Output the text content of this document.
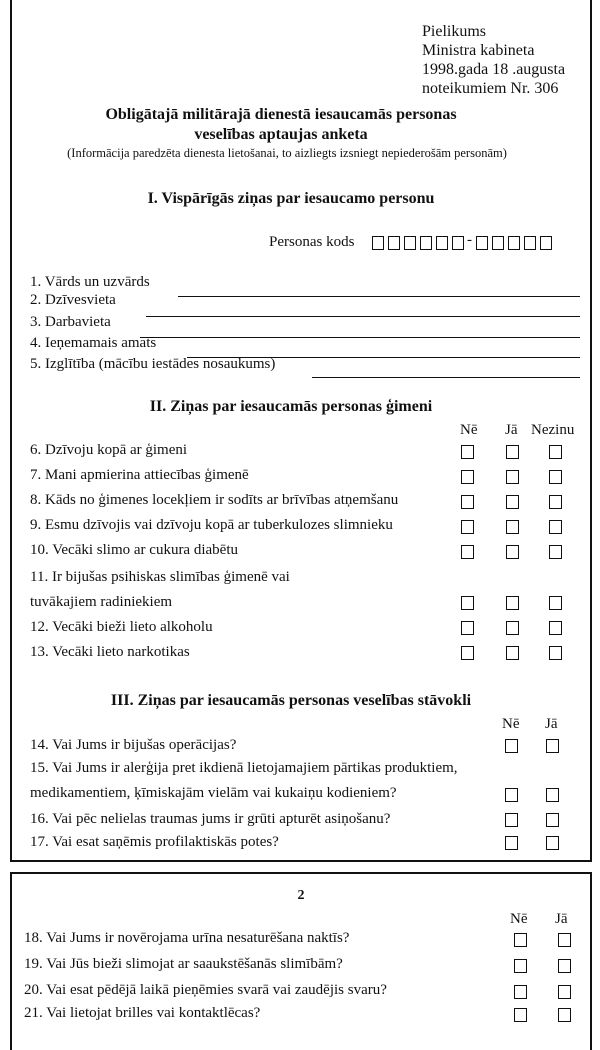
Pielikums
Ministra kabineta
1998.gada 18 .augusta
noteikumiem Nr. 306
Obligātajā militārajā dienestā iesaucamās personas
veselības aptaujas anketa
(Informācija paredzēta dienesta lietošanai, to aizliegts izsniegt nepiederošām personām)
I. Vispārīgās ziņas par iesaucamo personu
Personas kods	-
1. Vārds un uzvārds
2. Dzīvesvieta
3. Darbavieta
4. Ieņemamais amats
5. Izglītība (mācību iestādes nosaukums)
II. Ziņas par iesaucamās personas ģimeni
Nē Jā Nezinu
6. Dzīvoju kopā ar ģimeni
7. Mani apmierina attiecības ģimenē
8. Kāds no ģimenes locekļiem ir sodīts ar brīvības atņemšanu
9. Esmu dzīvojis vai dzīvoju kopā ar tuberkulozes slimnieku
10. Vecāki slimo ar cukura diabētu
11. Ir bijušas psihiskas slimības ģimenē vai
tuvākajiem radiniekiem
12. Vecāki bieži lieto alkoholu
13. Vecāki lieto narkotikas
III. Ziņas par iesaucamās personas veselības stāvokli
Nē Jā
14. Vai Jums ir bijušas operācijas?
15. Vai Jums ir alerģija pret ikdienā lietojamajiem pārtikas produktiem,
medikamentiem, ķīmiskajām vielām vai kukaiņu kodieniem?
16. Vai pēc nelielas traumas jums ir grūti apturēt asiņošanu?
17. Vai esat saņēmis profilaktiskās potes?
2
Nē Jā
18. Vai Jums ir novērojama urīna nesaturēšana naktīs?
19. Vai Jūs bieži slimojat ar saaukstēšanās slimībām?
20. Vai esat pēdējā laikā pieņēmies svarā vai zaudējis svaru?
21. Vai lietojat brilles vai kontaktlēcas?
